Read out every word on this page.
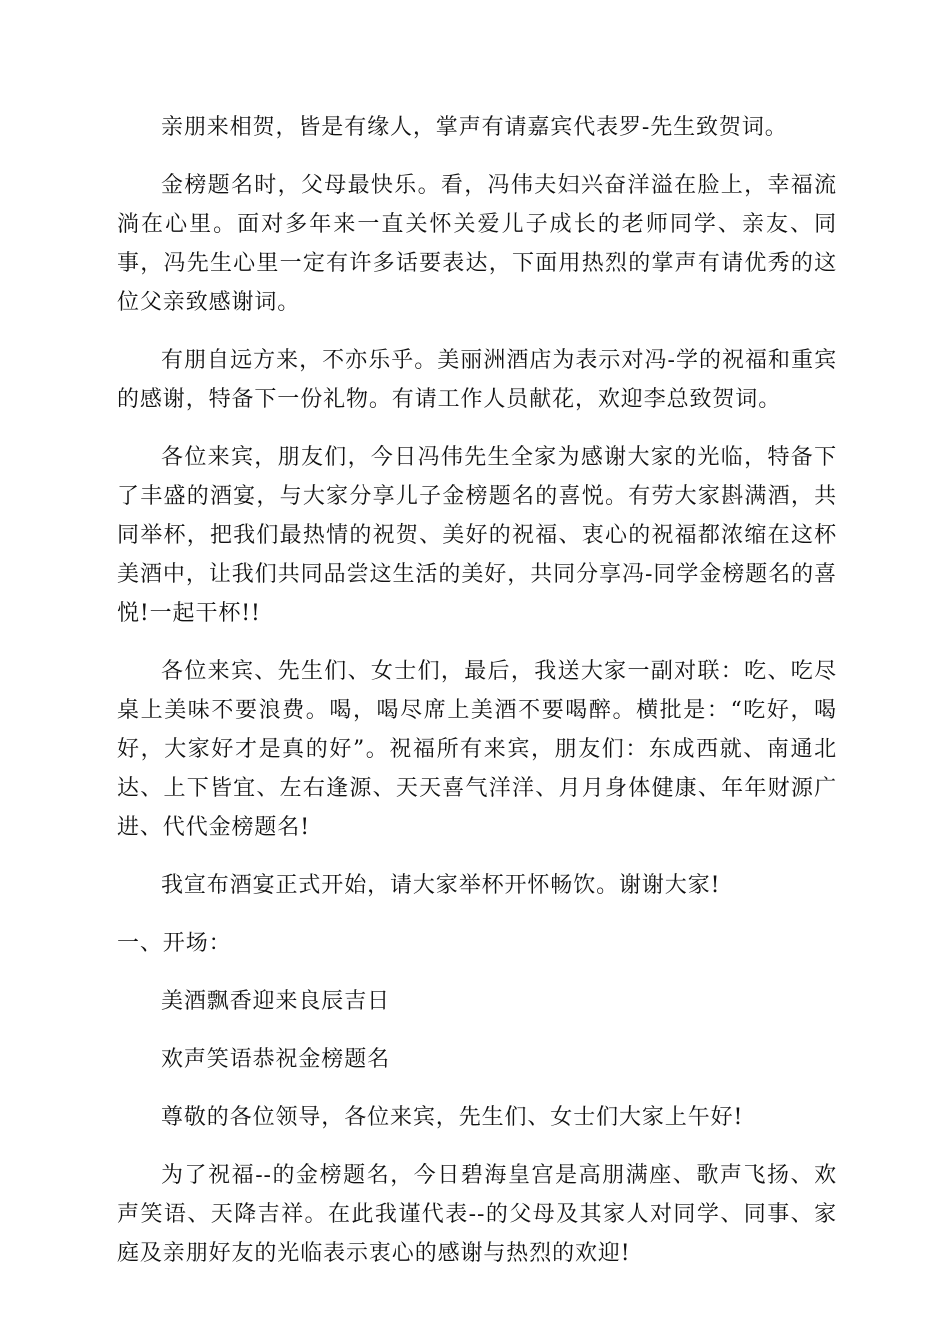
亲朋来相贺，皆是有缘人，掌声有请嘉宾代表罗-先生致贺词。

金榜题名时，父母最快乐。看，冯伟夫妇兴奋洋溢在脸上，幸福流淌在心里。面对多年来一直关怀关爱儿子成长的老师同学、亲友、同事，冯先生心里一定有许多话要表达，下面用热烈的掌声有请优秀的这位父亲致感谢词。

有朋自远方来，不亦乐乎。美丽洲酒店为表示对冯-学的祝福和重宾的感谢，特备下一份礼物。有请工作人员献花，欢迎李总致贺词。

各位来宾，朋友们，今日冯伟先生全家为感谢大家的光临，特备下了丰盛的酒宴，与大家分享儿子金榜题名的喜悦。有劳大家斟满酒，共同举杯，把我们最热情的祝贺、美好的祝福、衷心的祝福都浓缩在这杯美酒中，让我们共同品尝这生活的美好，共同分享冯-同学金榜题名的喜悦!一起干杯!!

各位来宾、先生们、女士们，最后，我送大家一副对联：吃、吃尽桌上美味不要浪费。喝，喝尽席上美酒不要喝醉。横批是：“吃好，喝好，大家好才是真的好”。祝福所有来宾，朋友们：东成西就、南通北达、上下皆宜、左右逢源、天天喜气洋洋、月月身体健康、年年财源广进、代代金榜题名!

我宣布酒宴正式开始，请大家举杯开怀畅饮。谢谢大家!

一、开场：

美酒飘香迎来良辰吉日

欢声笑语恭祝金榜题名

尊敬的各位领导，各位来宾，先生们、女士们大家上午好!

为了祝福--的金榜题名，今日碧海皇宫是高朋满座、歌声飞扬、欢声笑语、天降吉祥。在此我谨代表--的父母及其家人对同学、同事、家庭及亲朋好友的光临表示衷心的感谢与热烈的欢迎!
